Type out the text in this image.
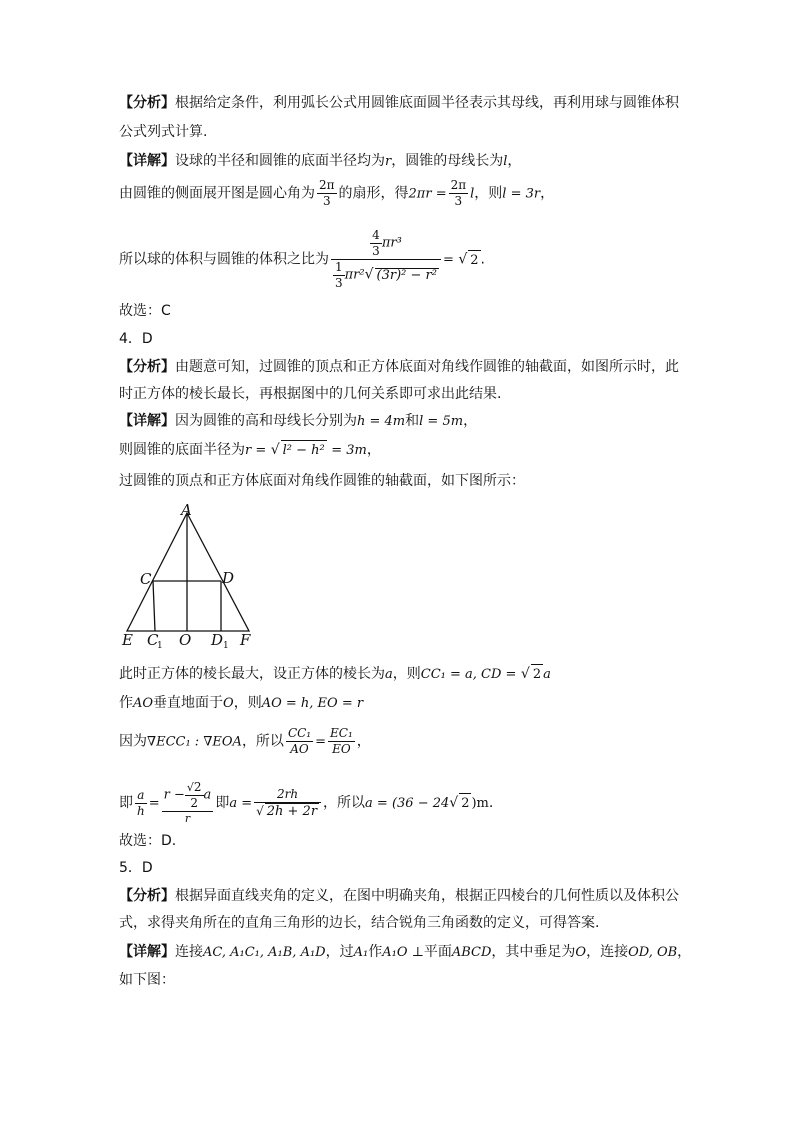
【分析】根据给定条件，利用弧长公式用圆锥底面圆半径表示其母线，再利用球与圆锥体积
公式列式计算.
【详解】设球的半径和圆锥的底面半径均为r，圆锥的母线长为l，
由圆锥的侧面展开图是圆心角为 $\frac{2\pi}{3}$ 的扇形，得$2\pi r = \frac{2\pi}{3}$ l，则l = 3r，
所以球的体积与圆锥的体积之比为 $\frac{\frac{4}{3} \pi r^3}{\frac{1}{3} \pi r^2√ (3r)^2 - r^2}$ = √ 2 .
故选：C
4．D
【分析】由题意可知，过圆锥的顶点和正方体底面对角线作圆锥的轴截面，如图所示时，此
时正方体的棱长最长，再根据图中的几何关系即可求出此结果.
【详解】因为圆锥的高和母线长分别为h = 4m和l = 5m，
则圆锥的底面半径为r = √ l² − h² = 3m，
过圆锥的顶点和正方体底面对角线作圆锥的轴截面，如下图所示：
A
C	D
E C
1 O D 1 F
此时正方体的棱长最大，设正方体的棱长为a，则CC₁ = a, CD = √ 2 a
作AO垂直地面于O，则AO = h, EO = r
因为∇ECC₁ : ∇EOA，所以 $\frac{\text{CC₁}}{AO} = \frac{\text{EC₁}}{EO}$ ，
即 $\frac{a}{h} = \frac{r - \frac{√2}{2} a}{r}$ 即$a = \frac{2rh}{√ 2h + 2r}$ ，所以a = (36 − 24√ 2 )m.
故选：D.
5．D
【分析】根据异面直线夹角的定义，在图中明确夹角，根据正四棱台的几何性质以及体积公
式，求得夹角所在的直角三角形的边长，结合锐角三角函数的定义，可得答案.
【详解】连接AC, A₁C₁, A₁B, A₁D，过A₁作A₁O ⊥平面ABCD，其中垂足为O，连接OD, OB，
如下图：
